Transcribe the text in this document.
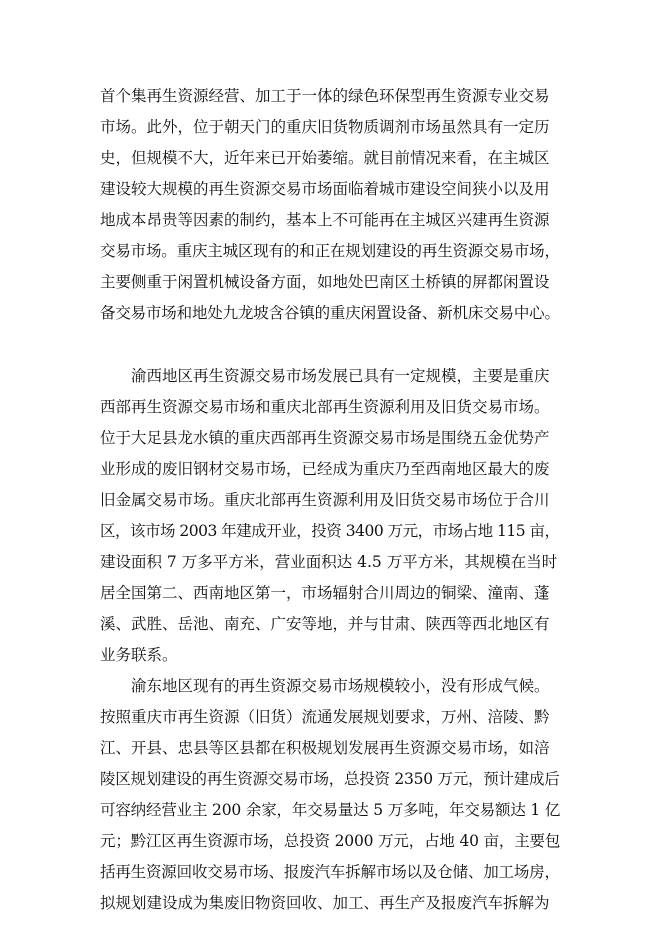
首个集再生资源经营、加工于一体的绿色环保型再生资源专业交易
市场。此外，位于朝天门的重庆旧货物质调剂市场虽然具有一定历
史，但规模不大，近年来已开始萎缩。就目前情况来看，在主城区
建设较大规模的再生资源交易市场面临着城市建设空间狭小以及用
地成本昂贵等因素的制约，基本上不可能再在主城区兴建再生资源
交易市场。重庆主城区现有的和正在规划建设的再生资源交易市场，
主要侧重于闲置机械设备方面，如地处巴南区土桥镇的屏都闲置设
备交易市场和地处九龙坡含谷镇的重庆闲置设备、新机床交易中心。
渝西地区再生资源交易市场发展已具有一定规模，主要是重庆
西部再生资源交易市场和重庆北部再生资源利用及旧货交易市场。
位于大足县龙水镇的重庆西部再生资源交易市场是围绕五金优势产
业形成的废旧钢材交易市场，已经成为重庆乃至西南地区最大的废
旧金属交易市场。重庆北部再生资源利用及旧货交易市场位于合川
区，该市场 2003 年建成开业，投资 3400 万元，市场占地 115 亩，
建设面积 7 万多平方米，营业面积达 4.5 万平方米，其规模在当时
居全国第二、西南地区第一，市场辐射合川周边的铜梁、潼南、蓬
溪、武胜、岳池、南充、广安等地，并与甘肃、陕西等西北地区有
业务联系。
渝东地区现有的再生资源交易市场规模较小，没有形成气候。
按照重庆市再生资源（旧货）流通发展规划要求，万州、涪陵、黔
江、开县、忠县等区县都在积极规划发展再生资源交易市场，如涪
陵区规划建设的再生资源交易市场，总投资 2350 万元，预计建成后
可容纳经营业主 200 余家，年交易量达 5 万多吨，年交易额达 1 亿
元；黔江区再生资源市场，总投资 2000 万元，占地 40 亩，主要包
括再生资源回收交易市场、报废汽车拆解市场以及仓储、加工场房，
拟规划建设成为集废旧物资回收、加工、再生产及报废汽车拆解为
